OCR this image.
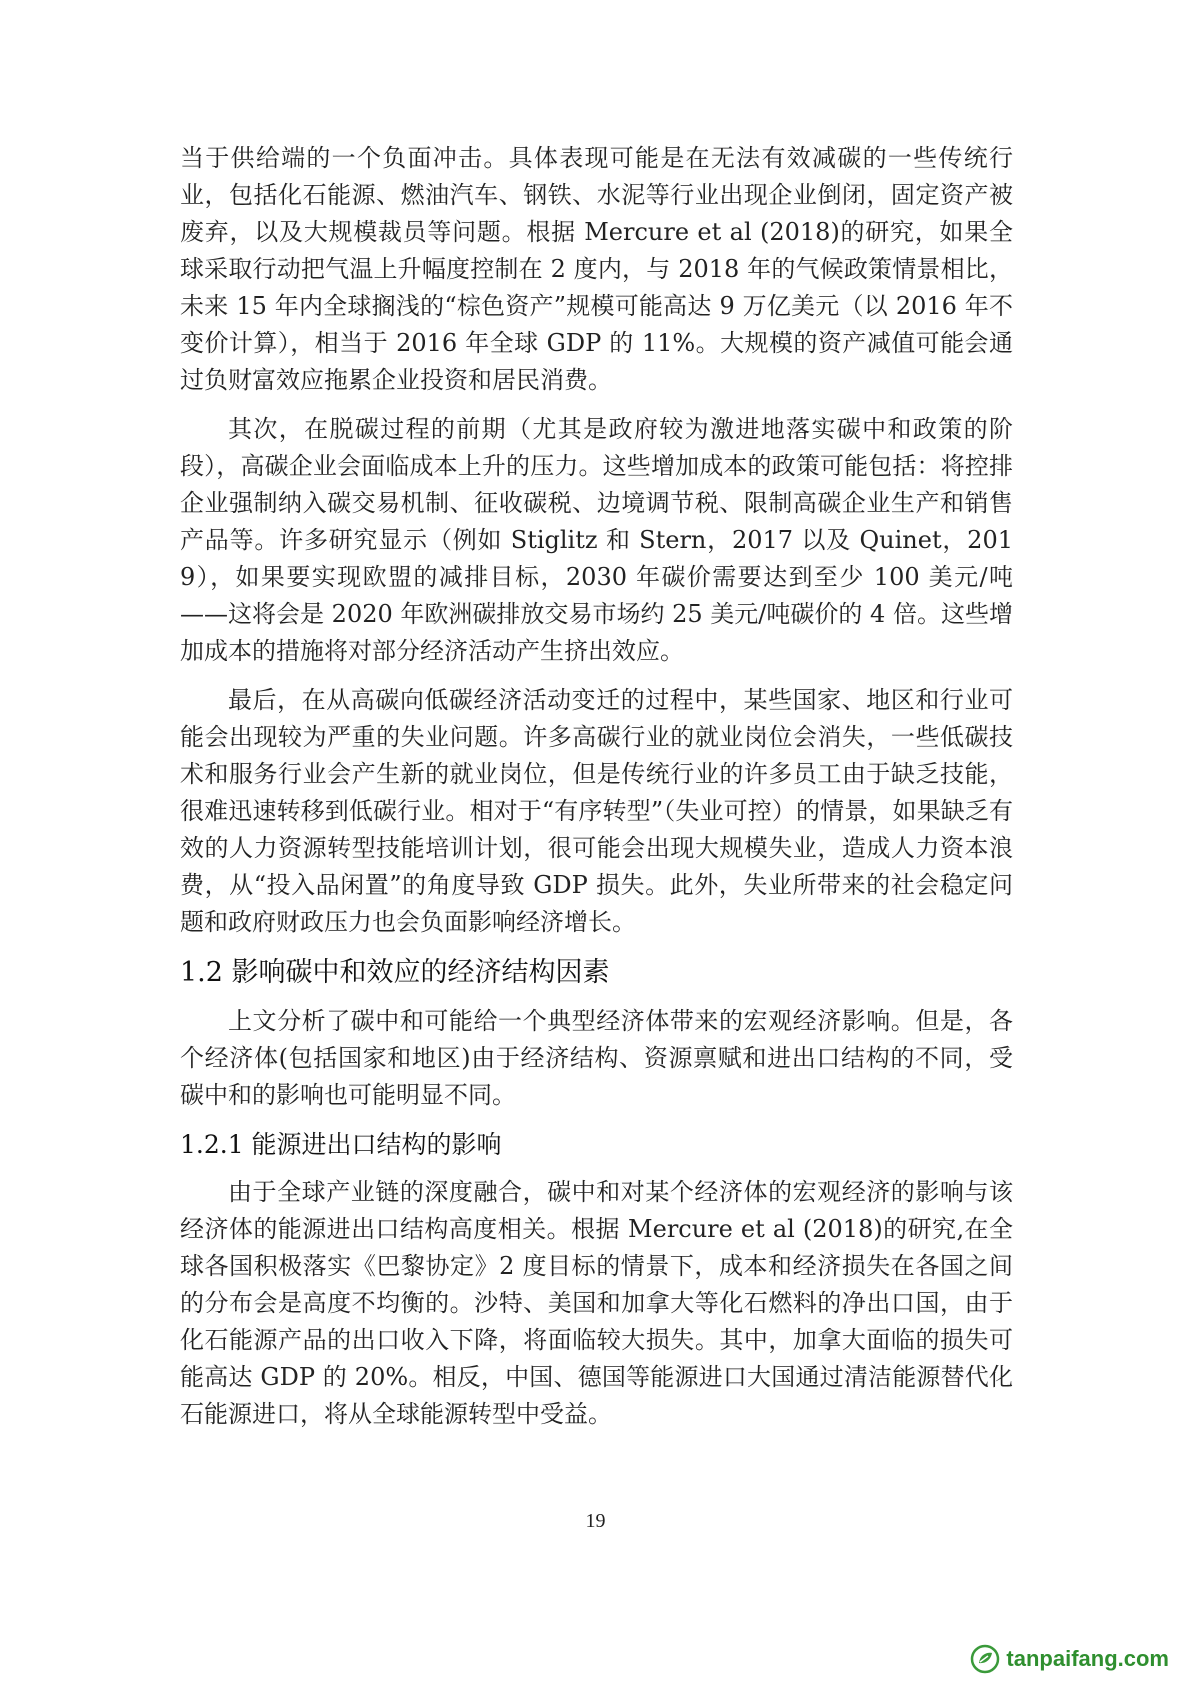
当于供给端的一个负面冲击。具体表现可能是在无法有效减碳的一些传统行业，包括化石能源、燃油汽车、钢铁、水泥等行业出现企业倒闭，固定资产被废弃，以及大规模裁员等问题。根据 Mercure et al (2018)的研究，如果全球采取行动把气温上升幅度控制在 2 度内，与 2018 年的气候政策情景相比，未来 15 年内全球搁浅的“棕色资产”规模可能高达 9 万亿美元（以 2016 年不变价计算），相当于 2016 年全球 GDP 的 11%。大规模的资产减值可能会通过负财富效应拖累企业投资和居民消费。

其次，在脱碳过程的前期（尤其是政府较为激进地落实碳中和政策的阶段），高碳企业会面临成本上升的压力。这些增加成本的政策可能包括：将控排企业强制纳入碳交易机制、征收碳税、边境调节税、限制高碳企业生产和销售产品等。许多研究显示（例如 Stiglitz 和 Stern，2017 以及 Quinet，2019），如果要实现欧盟的减排目标，2030 年碳价需要达到至少 100 美元/吨——这将会是 2020 年欧洲碳排放交易市场约 25 美元/吨碳价的 4 倍。这些增加成本的措施将对部分经济活动产生挤出效应。

最后，在从高碳向低碳经济活动变迁的过程中，某些国家、地区和行业可能会出现较为严重的失业问题。许多高碳行业的就业岗位会消失，一些低碳技术和服务行业会产生新的就业岗位，但是传统行业的许多员工由于缺乏技能，很难迅速转移到低碳行业。相对于“有序转型”（失业可控）的情景，如果缺乏有效的人力资源转型技能培训计划，很可能会出现大规模失业，造成人力资本浪费，从“投入品闲置”的角度导致 GDP 损失。此外，失业所带来的社会稳定问题和政府财政压力也会负面影响经济增长。

1.2 影响碳中和效应的经济结构因素

上文分析了碳中和可能给一个典型经济体带来的宏观经济影响。但是，各个经济体(包括国家和地区)由于经济结构、资源禀赋和进出口结构的不同，受碳中和的影响也可能明显不同。

1.2.1 能源进出口结构的影响

由于全球产业链的深度融合，碳中和对某个经济体的宏观经济的影响与该经济体的能源进出口结构高度相关。根据 Mercure et al (2018)的研究,在全球各国积极落实《巴黎协定》2 度目标的情景下，成本和经济损失在各国之间的分布会是高度不均衡的。沙特、美国和加拿大等化石燃料的净出口国，由于化石能源产品的出口收入下降，将面临较大损失。其中，加拿大面临的损失可能高达 GDP 的 20%。相反，中国、德国等能源进口大国通过清洁能源替代化石能源进口，将从全球能源转型中受益。

19
tanpaifang.com
